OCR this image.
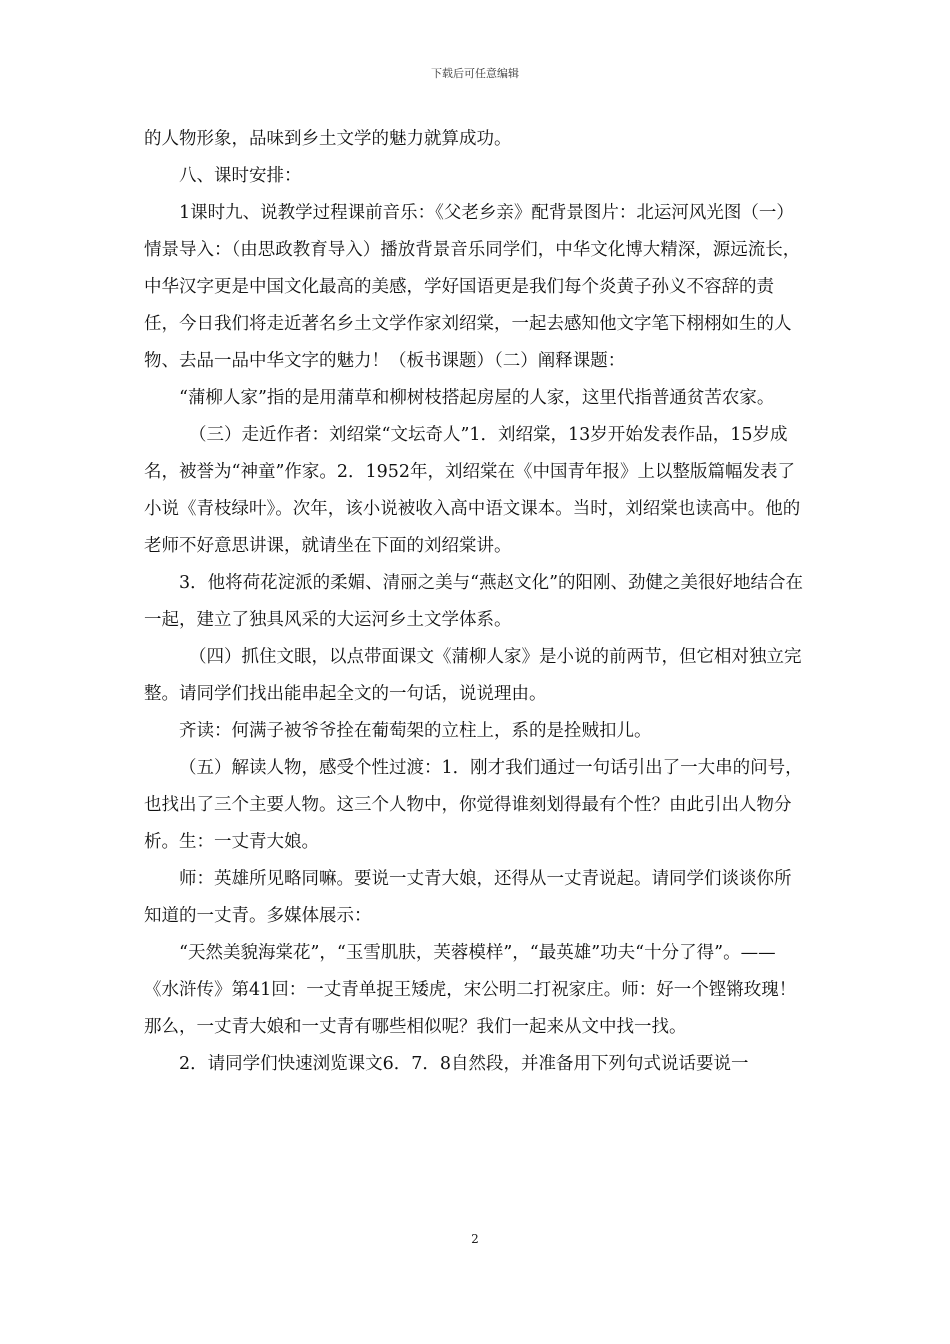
下载后可任意编辑

的人物形象，品味到乡土文学的魅力就算成功。

八、课时安排：

1课时九、说教学过程课前音乐：《父老乡亲》配背景图片：北运河风光图（一）情景导入：（由思政教育导入）播放背景音乐同学们，中华文化博大精深，源远流长，中华汉字更是中国文化最高的美感，学好国语更是我们每个炎黄子孙义不容辞的责任，今日我们将走近著名乡土文学作家刘绍棠，一起去感知他文字笔下栩栩如生的人物、去品一品中华文字的魅力！（板书课题）（二）阐释课题：

“蒲柳人家”指的是用蒲草和柳树枝搭起房屋的人家，这里代指普通贫苦农家。

（三）走近作者：刘绍棠“文坛奇人”1．刘绍棠，13岁开始发表作品，15岁成名，被誉为“神童”作家。2．1952年，刘绍棠在《中国青年报》上以整版篇幅发表了小说《青枝绿叶》。次年，该小说被收入高中语文课本。当时，刘绍棠也读高中。他的老师不好意思讲课，就请坐在下面的刘绍棠讲。

3．他将荷花淀派的柔媚、清丽之美与“燕赵文化”的阳刚、劲健之美很好地结合在一起，建立了独具风采的大运河乡土文学体系。

（四）抓住文眼，以点带面课文《蒲柳人家》是小说的前两节，但它相对独立完整。请同学们找出能串起全文的一句话，说说理由。

齐读：何满子被爷爷拴在葡萄架的立柱上，系的是拴贼扣儿。

（五）解读人物，感受个性过渡：1．刚才我们通过一句话引出了一大串的问号，也找出了三个主要人物。这三个人物中，你觉得谁刻划得最有个性？由此引出人物分析。生：一丈青大娘。

师：英雄所见略同嘛。要说一丈青大娘，还得从一丈青说起。请同学们谈谈你所知道的一丈青。多媒体展示：

“天然美貌海棠花”，“玉雪肌肤，芙蓉模样”，“最英雄”功夫“十分了得”。——《水浒传》第41回：一丈青单捉王矮虎，宋公明二打祝家庄。师：好一个铿锵玫瑰！那么，一丈青大娘和一丈青有哪些相似呢？我们一起来从文中找一找。

2．请同学们快速浏览课文6．7．8自然段，并准备用下列句式说话要说一

2
